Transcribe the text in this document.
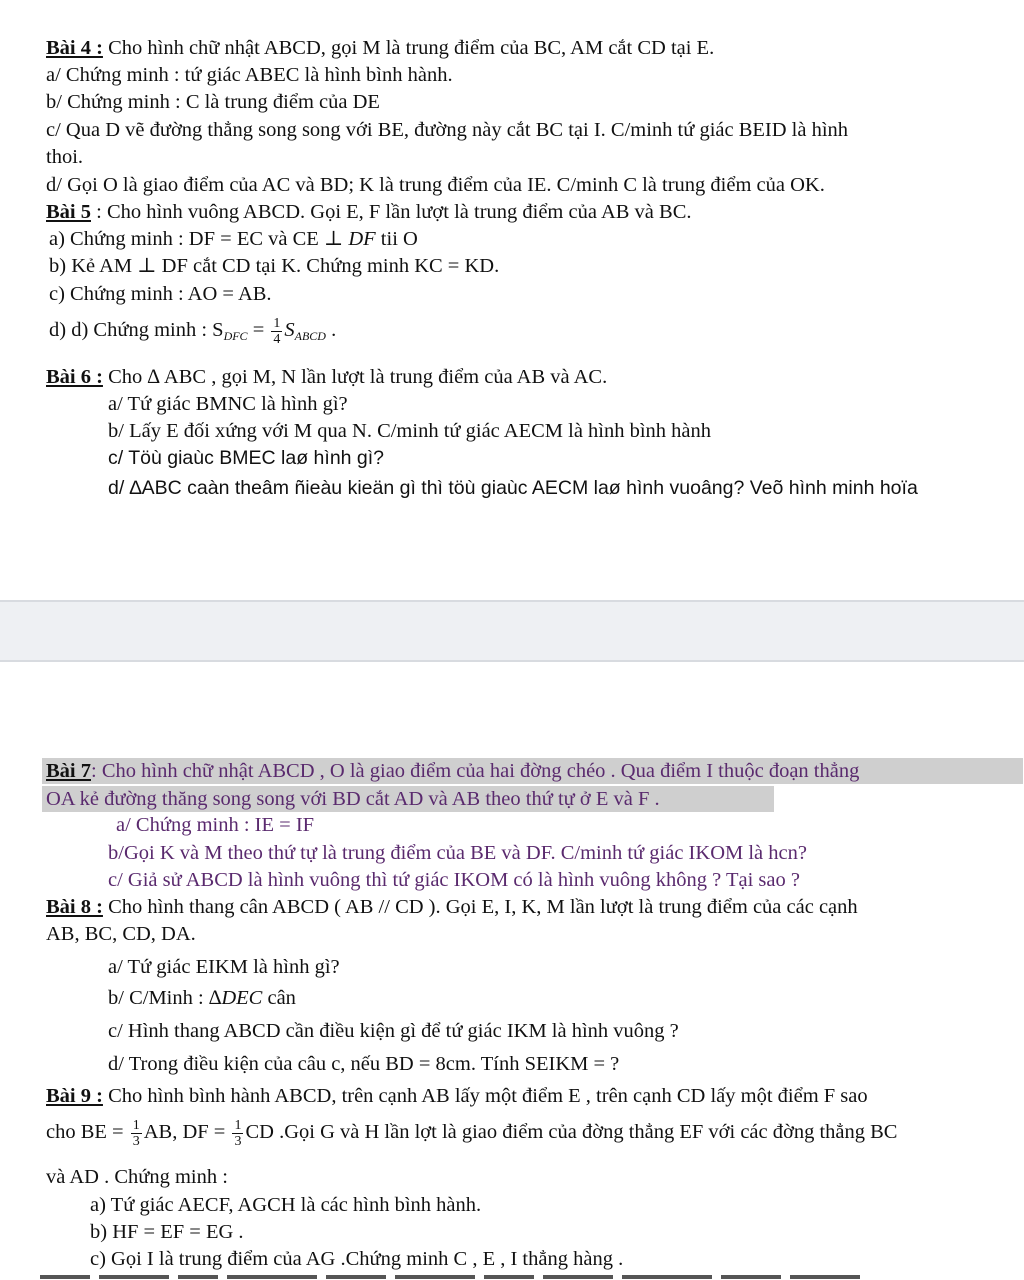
Bài 4 : Cho hình chữ nhật ABCD, gọi M là trung điểm của BC, AM cắt CD tại E.
a/ Chứng minh : tứ giác ABEC là hình bình hành.
b/ Chứng minh : C là trung điểm của DE
c/ Qua D vẽ đường thẳng song song với BE, đường này cắt BC tại I. C/minh tứ giác BEID là hình
thoi.
d/ Gọi O là giao điểm của AC và BD; K là trung điểm của IE. C/minh C là trung điểm của OK.
Bài 5 : Cho hình vuông ABCD. Gọi E, F lần lượt là trung điểm của AB và BC.
a) Chứng minh : DF = EC và CE ⊥ DF tii O
b) Kẻ AM ⊥ DF cắt CD tại K. Chứng minh KC = KD.
c) Chứng minh : AO = AB.
d) d) Chứng minh : $S_{DFC} = \frac{1}{4} S_{ABCD}$ .
Bài 6 : Cho ∆ ABC , gọi M, N lần lượt là trung điểm của AB và AC.
a/ Tứ giác BMNC là hình gì?
b/ Lấy E đối xứng với M qua N. C/minh tứ giác AECM là hình bình hành
c/ Töù giaùc BMEC laø hình gì?
d/ ∆ABC caàn theâm ñieàu kieän gì thì töù giaùc AECM laø hình vuoâng? Veõ hình minh hoïa
Bài 7: Cho hình chữ nhật ABCD , O là giao điểm của hai đờng chéo . Qua điểm I thuộc đoạn thẳng
OA kẻ đường thăng song song với BD cắt AD và AB theo thứ tự ở E và F .
a/ Chứng minh : IE = IF
b/Gọi K và M theo thứ tự là trung điểm của BE và DF. C/minh tứ giác IKOM là hcn?
c/ Giả sử ABCD là hình vuông thì tứ giác IKOM có là hình vuông không ? Tại sao ?
Bài 8 : Cho hình thang cân ABCD ( AB // CD ). Gọi E, I, K, M lần lượt là trung điểm của các cạnh
AB, BC, CD, DA.
a/ Tứ giác EIKM là hình gì?
b/ C/Minh : ∆DEC cân
c/ Hình thang ABCD cần điều kiện gì để tứ giác IKM là hình vuông ?
d/ Trong điều kiện của câu c, nếu BD = 8cm. Tính SEIKM = ?
Bài 9 : Cho hình bình hành ABCD, trên cạnh AB lấy một điểm E , trên cạnh CD lấy một điểm F sao
cho BE = $\frac{1}{3}$ AB, DF = $\frac{1}{3}$ CD .Gọi G và H lần lợt là giao điểm của đờng thẳng EF với các đờng thẳng BC
và AD . Chứng minh :
a) Tứ giác AECF, AGCH là các hình bình hành.
b) HF = EF = EG .
c) Gọi I là trung điểm của AG .Chứng minh C , E , I thẳng hàng .
